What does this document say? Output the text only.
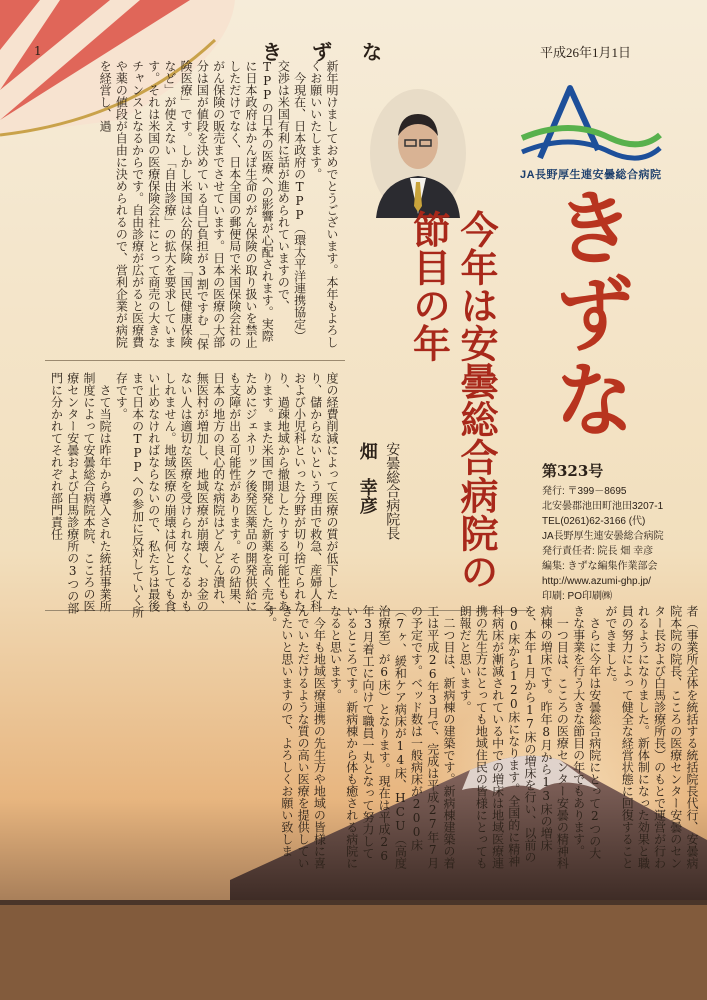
1	きずな	平成26年1月1日
JA長野厚生連安曇総合病院
きずな
第323号
発行: 〒399－8695
北安曇郡池田町池田3207-1
TEL(0261)62-3166 (代)
JA長野厚生連安曇総合病院
発行責任者: 院長 畑 幸彦
編集: きずな編集作業部会
http://www.azumi-ghp.jp/
印刷: PO印刷㈱
今年は安曇総合病院の
節目の年

安曇総合病院長
畑　幸彦

新年明けましておめでとうございます。本年もよろしくお願いいたします。
　今現在、日本政府のTPP（環太平洋連携協定）交渉は米国有利に話が進められていますので、TPPの日本の医療への影響が心配されます。実際に日本政府はかんぽ生命のがん保険の取り扱いを禁止しただけでなく、日本全国の郵便局で米国保険会社のがん保険の販売までさせています。日本の医療の大部分は国が値段を決めている自己負担が3割ですむ「保険医療」です。しかし米国は公的保険「国民健康保険など」が使えない「自由診療」の拡大を要求しています。それは米国の医療保険会社にとって商売の大きなチャンスとなるからです。自由診療が広がると医療費や薬の値段が自由に決められるので、営利企業が病院を経営し、過
度の経費削減によって医療の質が低下したり、儲からないという理由で救急、産婦人科および小児科といった分野が切り捨てられたり、過疎地域から撤退したりする可能性もあります。また米国で開発した新薬を高く売るためにジェネリック後発医薬品の開発供給にも支障が出る可能性があります。その結果、日本の地方の良心的な病院はどんどん潰れ、無医村が増加し、地域医療が崩壊し、お金のない人は適切な医療を受けられなくなるかもしれません。地域医療の崩壊は何としても食い止めなければならないので、私たちは最後まで日本のTPPへの参加に反対していく所存です。
　さて当院は昨年から導入された統括事業所制度によって安曇総合病院本院、こころの医療センター安曇および白馬診療所の3つの部門に分かれてそれぞれ部門責任
者（事業所全体を統括する統括院長代行、安曇病院本院の院長、こころの医療センター安曇のセンター長および白馬診療所長）のもとで運営が行われるようになりました。新体制になった効果と職員の努力によって健全な経営状態に回復することができました。
　さらに今年は安曇総合病院にとって2つの大きな事業を行う大きな節目の年でもあります。
　一つ目は、こころの医療センター安曇の精神科病棟の増床です。昨年8月から13床の増床を、本年1月から17床の増床を行い、以前の90床から120床になります。全国的に精神科病床が漸減されている中での増床は地域医療連携の先生方にとっても地域住民の皆様にとっても朗報だと思います。
　二つ目は、新病棟の建築です。新病棟建築の着工は平成26年3月で、完成は平成27年7月の予定です。ベッド数は一般病床が200床（7ヶ、緩和ケア病床が14床、HCU（高度治療室）が6床）となります。現在は平成26年3月着工に向けて職員一丸となって努力しているところです。新病棟から体も癒される病院になると思います。
　今年も地域医療連携の先生方や地域の皆様に喜んでいただけるような質の高い医療を提供していきたいと思いますので、よろしくお願い致します。
